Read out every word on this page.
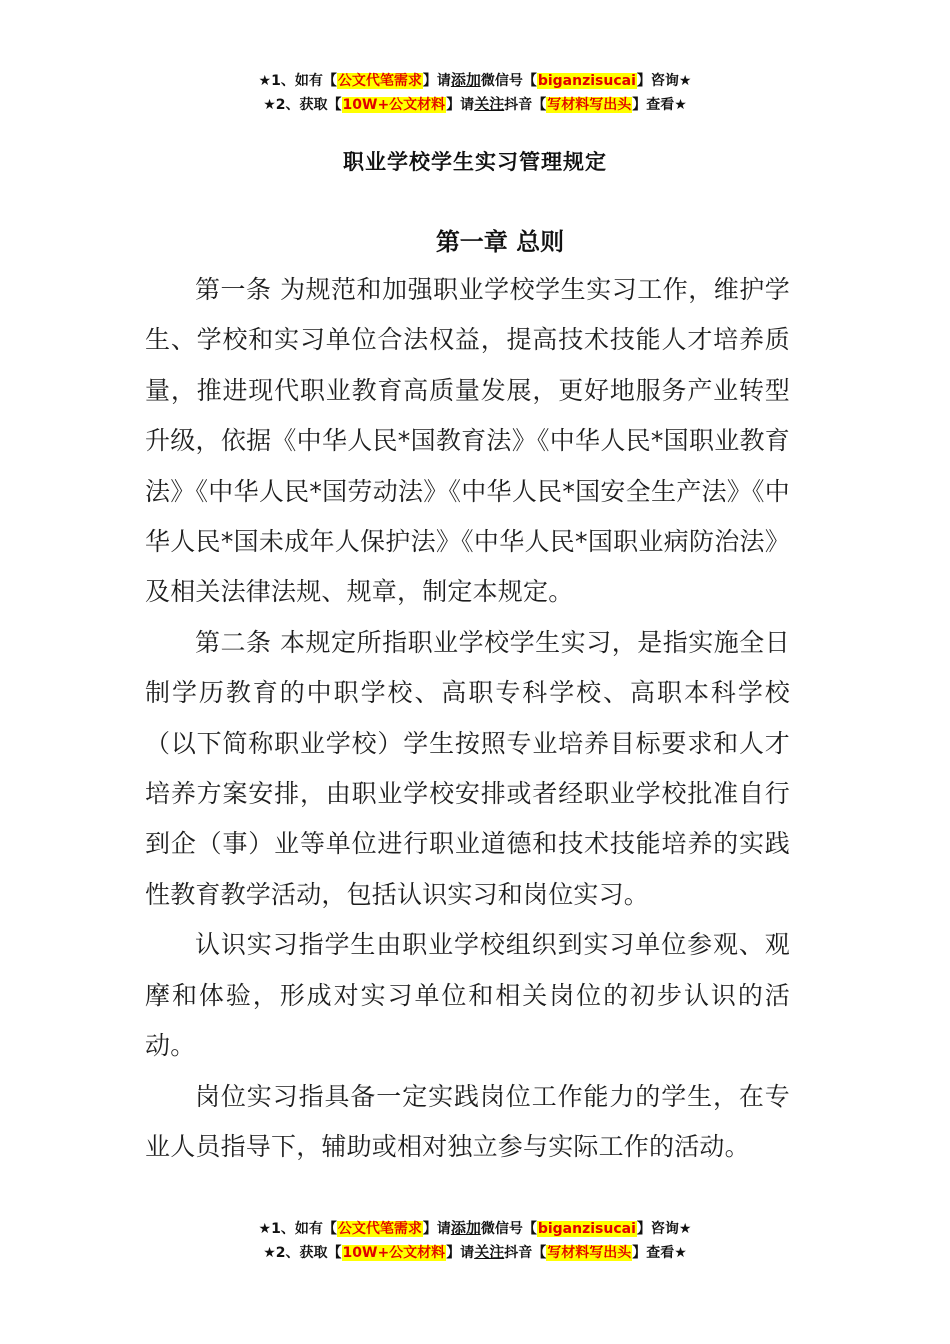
★1、如有【公文代笔需求】请添加微信号【biganzisucai】咨询★
★2、获取【10W+公文材料】请关注抖音【写材料写出头】查看★
职业学校学生实习管理规定
第一章 总则

第一条 为规范和加强职业学校学生实习工作，维护学生、学校和实习单位合法权益，提高技术技能人才培养质量，推进现代职业教育高质量发展，更好地服务产业转型升级，依据《中华人民*国教育法》《中华人民*国职业教育法》《中华人民*国劳动法》《中华人民*国安全生产法》《中华人民*国未成年人保护法》《中华人民*国职业病防治法》及相关法律法规、规章，制定本规定。

第二条 本规定所指职业学校学生实习，是指实施全日制学历教育的中职学校、高职专科学校、高职本科学校（以下简称职业学校）学生按照专业培养目标要求和人才培养方案安排，由职业学校安排或者经职业学校批准自行到企（事）业等单位进行职业道德和技术技能培养的实践性教育教学活动，包括认识实习和岗位实习。

认识实习指学生由职业学校组织到实习单位参观、观摩和体验，形成对实习单位和相关岗位的初步认识的活动。

岗位实习指具备一定实践岗位工作能力的学生，在专业人员指导下，辅助或相对独立参与实际工作的活动。

★1、如有【公文代笔需求】请添加微信号【biganzisucai】咨询★
★2、获取【10W+公文材料】请关注抖音【写材料写出头】查看★
